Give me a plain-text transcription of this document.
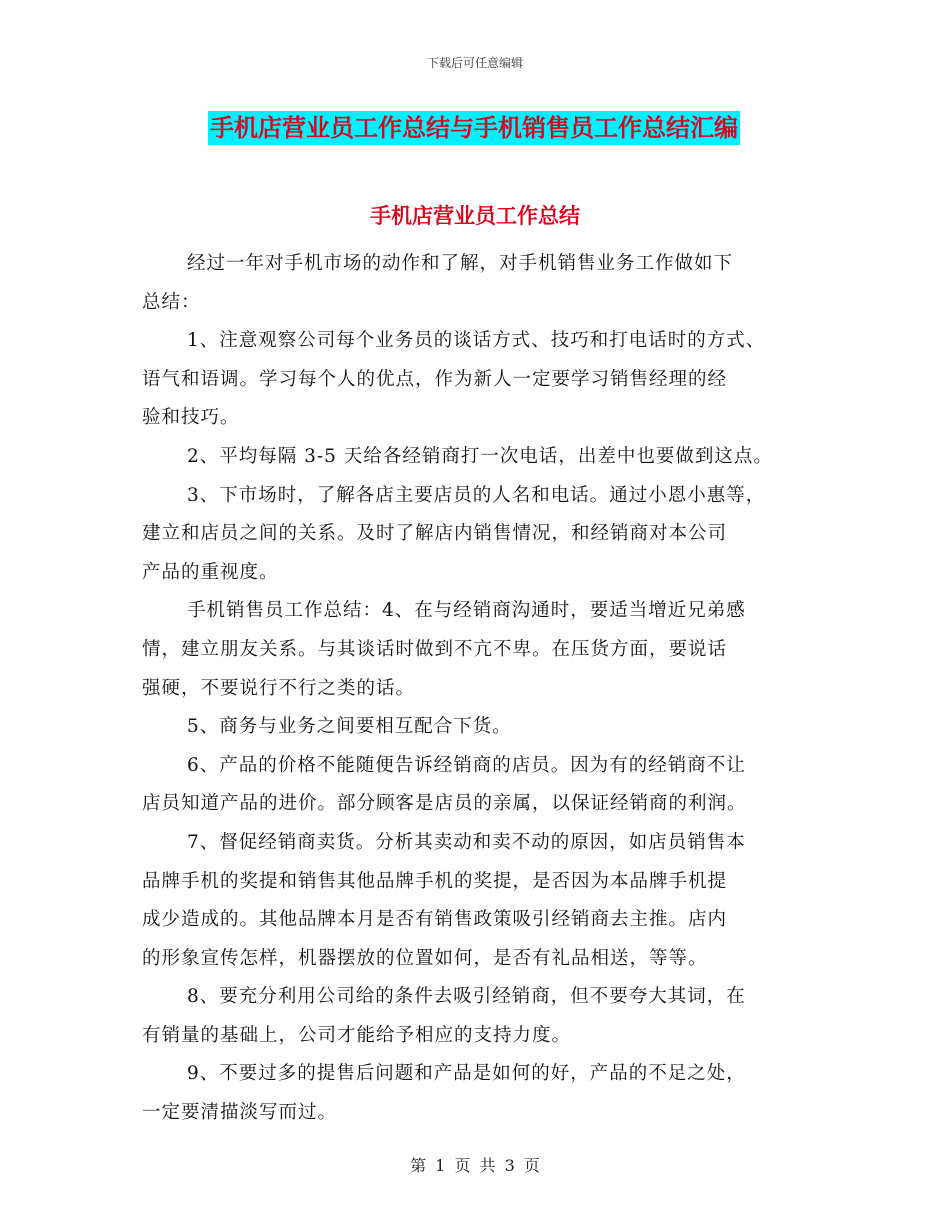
下载后可任意编辑
手机店营业员工作总结与手机销售员工作总结汇编
手机店营业员工作总结

经过一年对手机市场的动作和了解，对手机销售业务工作做如下
总结：

1、注意观察公司每个业务员的谈话方式、技巧和打电话时的方式、
语气和语调。学习每个人的优点，作为新人一定要学习销售经理的经
验和技巧。

2、平均每隔 3-5 天给各经销商打一次电话，出差中也要做到这点。

3、下市场时，了解各店主要店员的人名和电话。通过小恩小惠等，
建立和店员之间的关系。及时了解店内销售情况，和经销商对本公司
产品的重视度。

手机销售员工作总结：4、在与经销商沟通时，要适当增近兄弟感
情，建立朋友关系。与其谈话时做到不亢不卑。在压货方面，要说话
强硬，不要说行不行之类的话。

5、商务与业务之间要相互配合下货。

6、产品的价格不能随便告诉经销商的店员。因为有的经销商不让
店员知道产品的进价。部分顾客是店员的亲属，以保证经销商的利润。

7、督促经销商卖货。分析其卖动和卖不动的原因，如店员销售本
品牌手机的奖提和销售其他品牌手机的奖提，是否因为本品牌手机提
成少造成的。其他品牌本月是否有销售政策吸引经销商去主推。店内
的形象宣传怎样，机器摆放的位置如何，是否有礼品相送，等等。

8、要充分利用公司给的条件去吸引经销商，但不要夸大其词，在
有销量的基础上，公司才能给予相应的支持力度。

9、不要过多的提售后问题和产品是如何的好，产品的不足之处，
一定要清描淡写而过。

第 1 页 共 3 页
